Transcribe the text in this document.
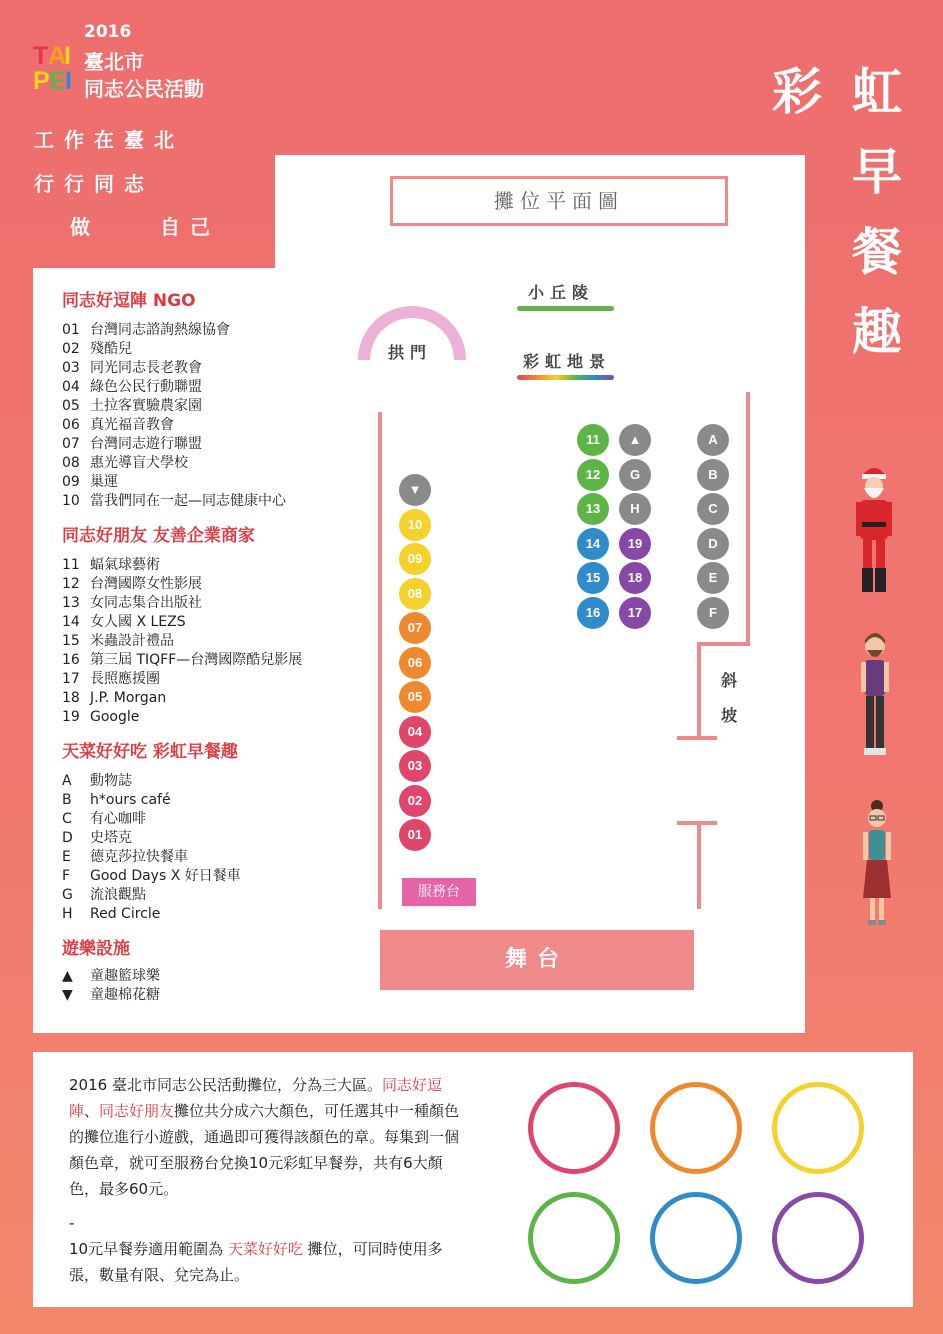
T A
I
P E I
2016
臺北市
同志公民活動
工作在臺北
行行同志
做　　自己
彩 虹
早
餐
趣
同志好逗陣 NGO
01 台灣同志諮詢熱線協會
02 殘酷兒
03 同光同志長老教會
04 綠色公民行動聯盟
05 土拉客實驗農家園
06 真光福音教會
07 台灣同志遊行聯盟
08 惠光導盲犬學校
09 巢運
10 當我們同在一起—同志健康中心
同志好朋友 友善企業商家
11 蝠氣球藝術
12 台灣國際女性影展
13 女同志集合出版社
14 女人國 X LEZS
15 米蟲設計禮品
16 第三屆 TIQFF—台灣國際酷兒影展
17 長照應援團
18 J.P. Morgan
19 Google
天菜好好吃 彩虹早餐趣
A	動物誌
B	h*ours café
C	有心咖啡
D	史塔克
E	德克莎拉快餐車
F	Good Days X 好日餐車
G	流浪觀點
H	Red Circle
遊樂設施
▲	童趣籃球樂
▼	童趣棉花糖
攤位平面圖
小丘陵
彩虹地景
拱門
斜
坡
▼
10
09
08
07
06
05
04
03
02
01
11
12
13
14
15
16
▲
G
H
19
18
17
A
B
C
D
E
F
服務台
舞台
2016 臺北市同志公民活動攤位，分為三大區。同志好逗陣、同志好朋友攤位共分成六大顏色，可任選其中一種顏色的攤位進行小遊戲，通過即可獲得該顏色的章。每集到一個顏色章，就可至服務台兌換10元彩虹早餐券，共有6大顏色，最多60元。
-
10元早餐券適用範圍為 天菜好好吃 攤位，可同時使用多張，數量有限、兌完為止。
